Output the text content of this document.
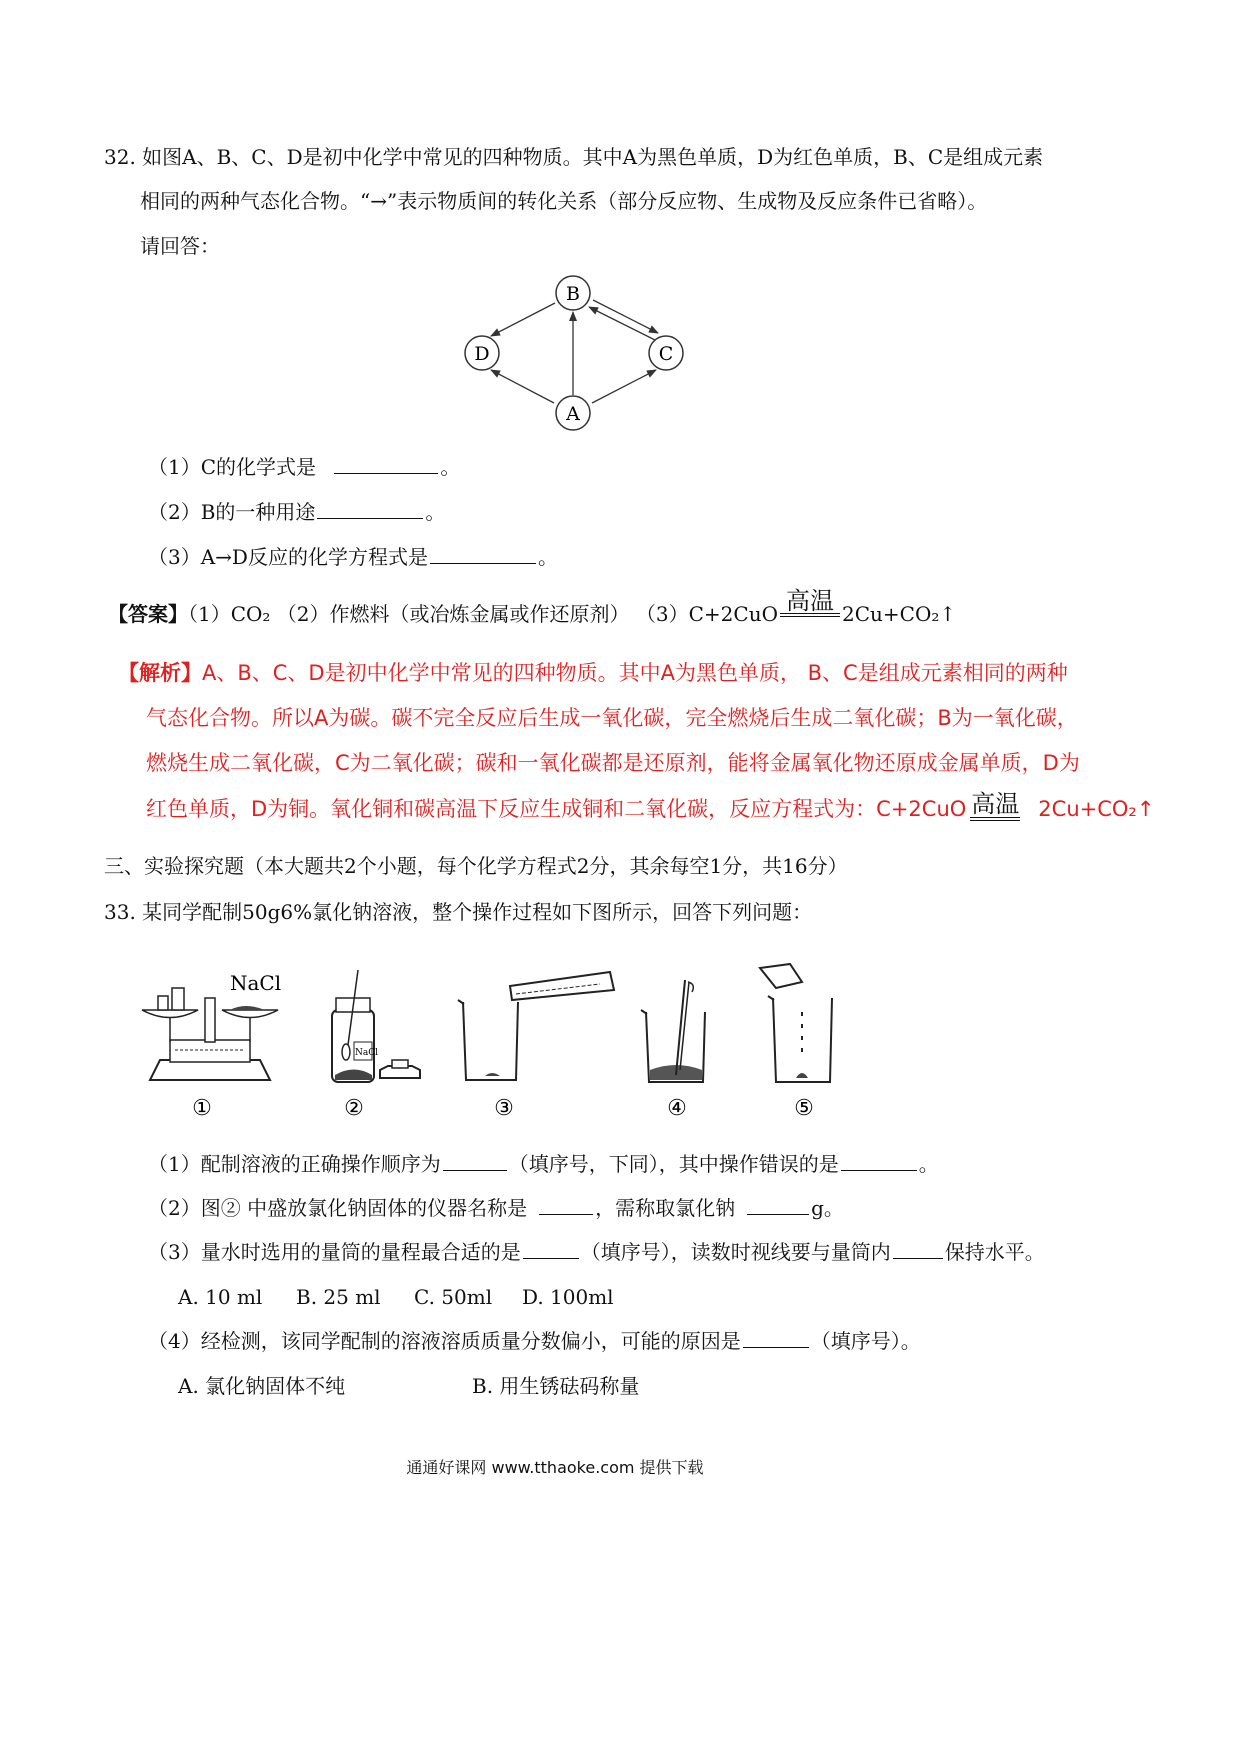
32. 如图A、B、C、D是初中化学中常见的四种物质。其中A为黑色单质，D为红色单质，B、C是组成元素
相同的两种气态化合物。“→”表示物质间的转化关系（部分反应物、生成物及反应条件已省略）。
请回答：
B
D	C
A
（1）C的化学式是	。
（2）B的一种用途	。
（3）A→D反应的化学方程式是	。
【答案】（1）CO₂ （2）作燃料（或冶炼金属或作还原剂） （3）C+2CuO 高温 2Cu+CO₂↑
【解析】A、B、C、D是初中化学中常见的四种物质。其中A为黑色单质， B、C是组成元素相同的两种
气态化合物。所以A为碳。碳不完全反应后生成一氧化碳，完全燃烧后生成二氧化碳；B为一氧化碳，
燃烧生成二氧化碳，C为二氧化碳；碳和一氧化碳都是还原剂，能将金属氧化物还原成金属单质，D为
红色单质，D为铜。氧化铜和碳高温下反应生成铜和二氧化碳，反应方程式为：C+2CuO 高温 2Cu+CO₂↑
三、实验探究题（本大题共2个小题，每个化学方程式2分，其余每空1分，共16分）
33. 某同学配制50g6%氯化钠溶液，整个操作过程如下图所示，回答下列问题：
NaCl
NaCl
①	②	③	④	⑤
（1）配制溶液的正确操作顺序为	（填序号，下同），其中操作错误的是	。
（2）图② 中盛放氯化钠固体的仪器名称是	，需称取氯化钠	g。
（3）量水时选用的量筒的量程最合适的是	（填序号），读数时视线要与量筒内	保持水平。
A. 10 ml B. 25 ml C. 50ml D. 100ml
（4）经检测，该同学配制的溶液溶质质量分数偏小，可能的原因是	（填序号）。
A. 氯化钠固体不纯	B. 用生锈砝码称量
通通好课网 www.tthaoke.com 提供下载
